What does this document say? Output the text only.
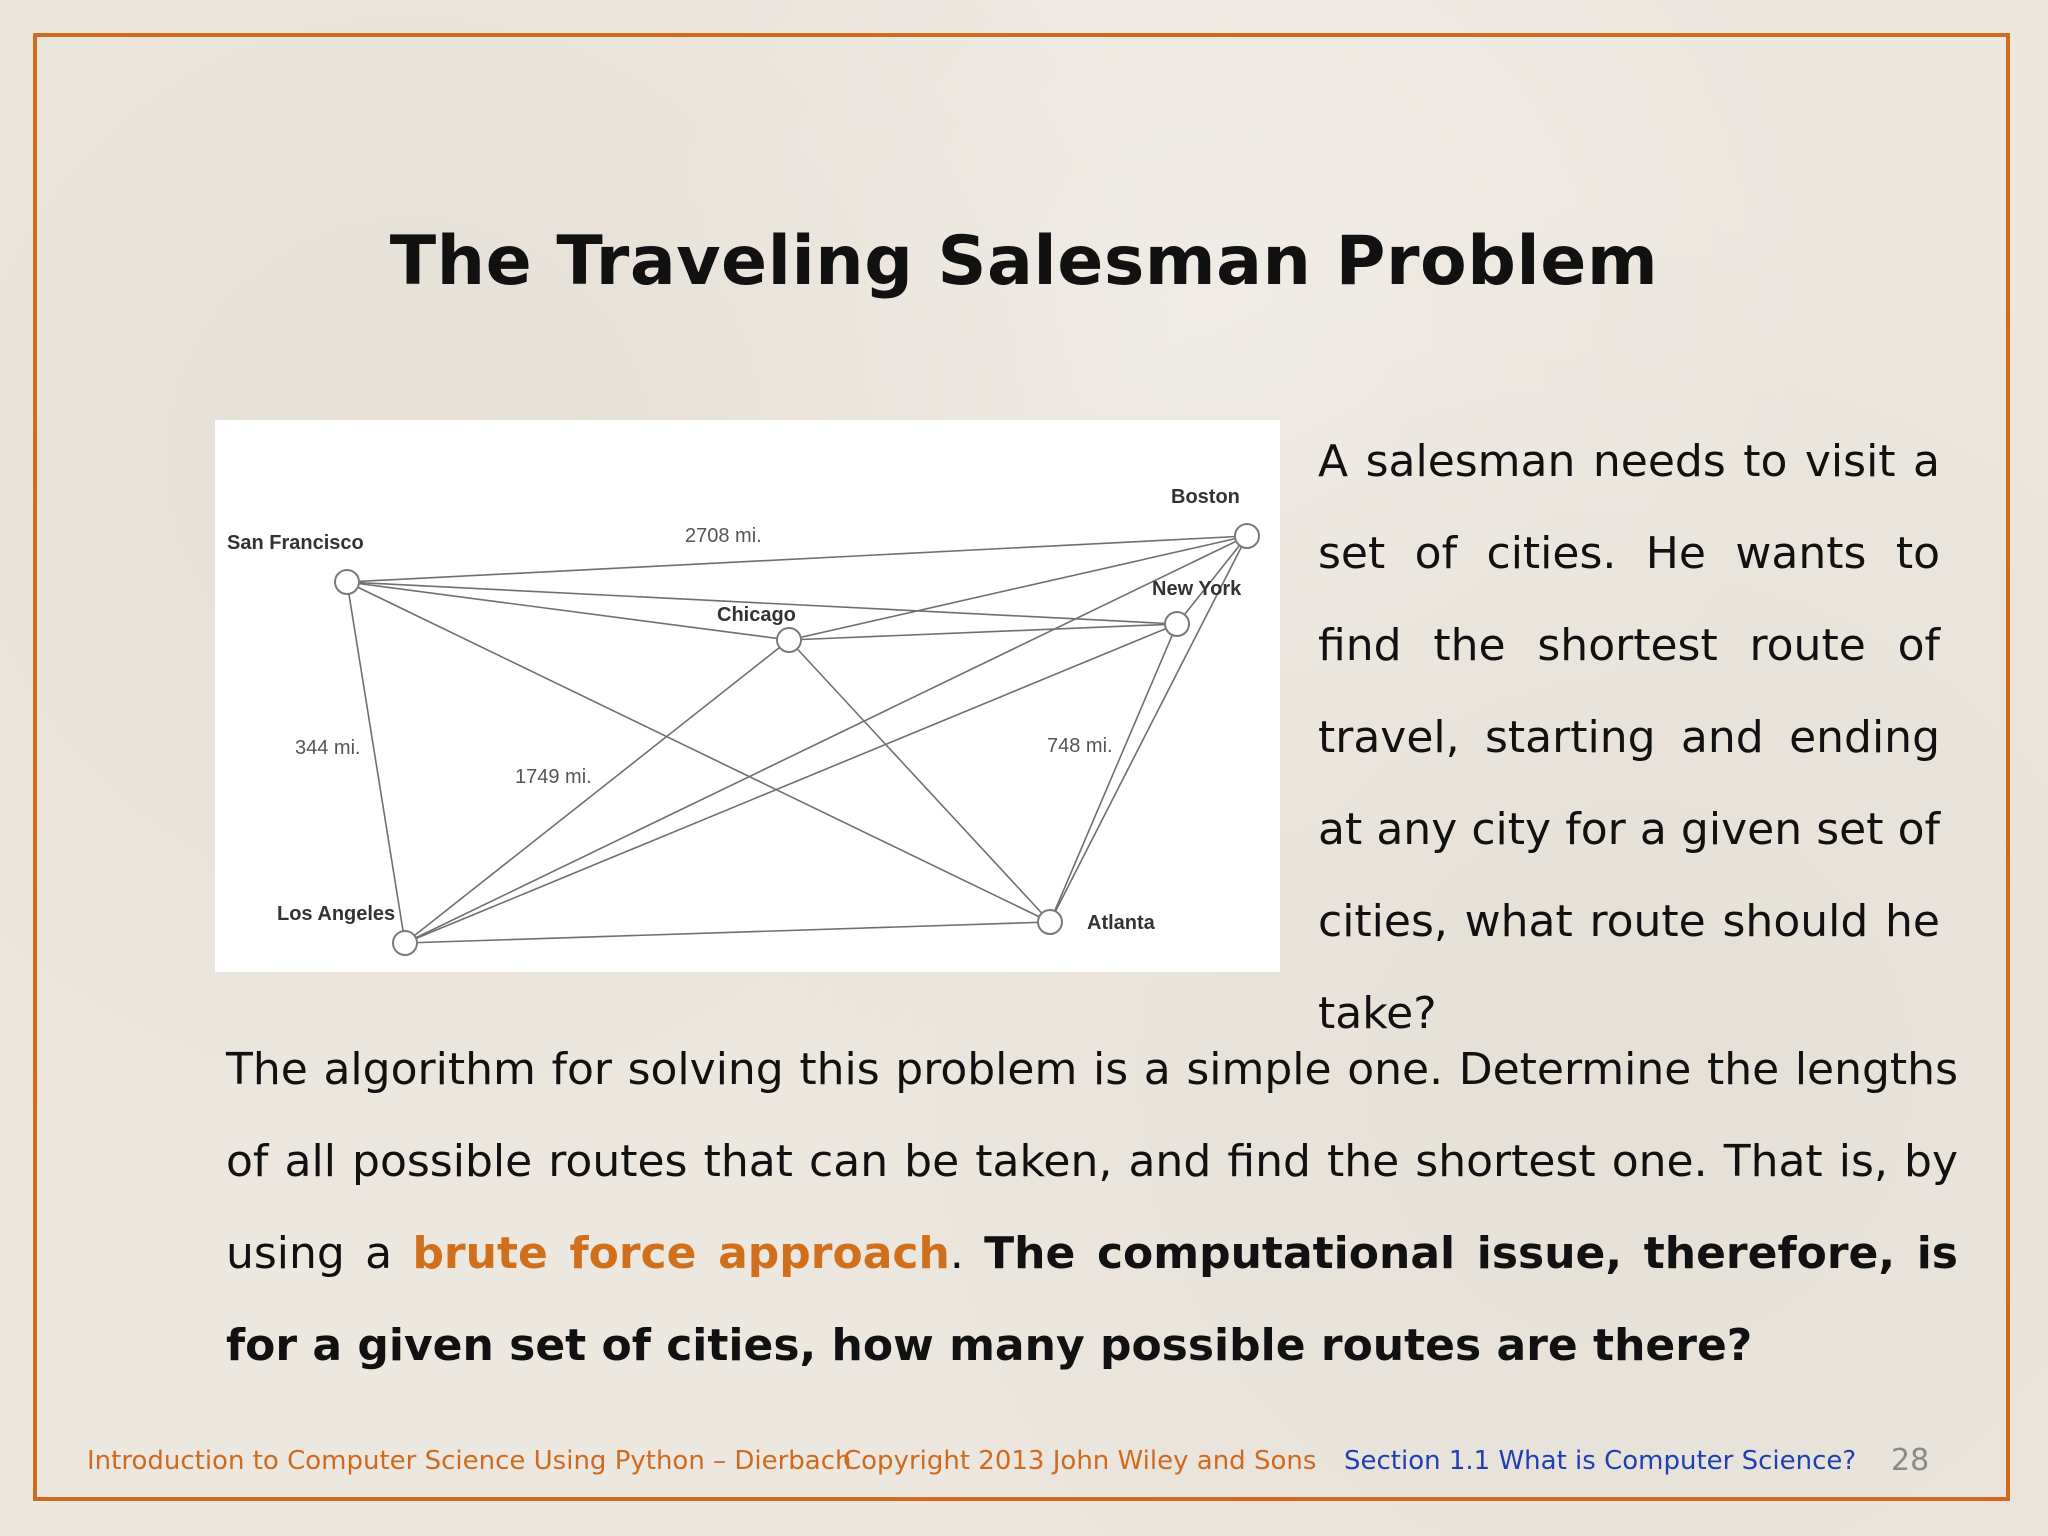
The Traveling Salesman Problem
San Francisco
Boston
New York
Chicago
Los Angeles	Atlanta
2708 mi.
344 mi.
1749 mi.
748 mi.

A salesman needs to visit a set of cities. He wants to find the shortest route of travel, starting and ending at any city for a given set of cities, what route should he take?

The algorithm for solving this problem is a simple one. Determine the lengths of all possible routes that can be taken, and find the shortest one. That is, by using a brute force approach. The computational issue, therefore, is for a given set of cities, how many possible routes are there?

Introduction to Computer Science Using Python – Dierbach
Copyright 2013 John Wiley and Sons Section 1.1 What is Computer Science? 28
